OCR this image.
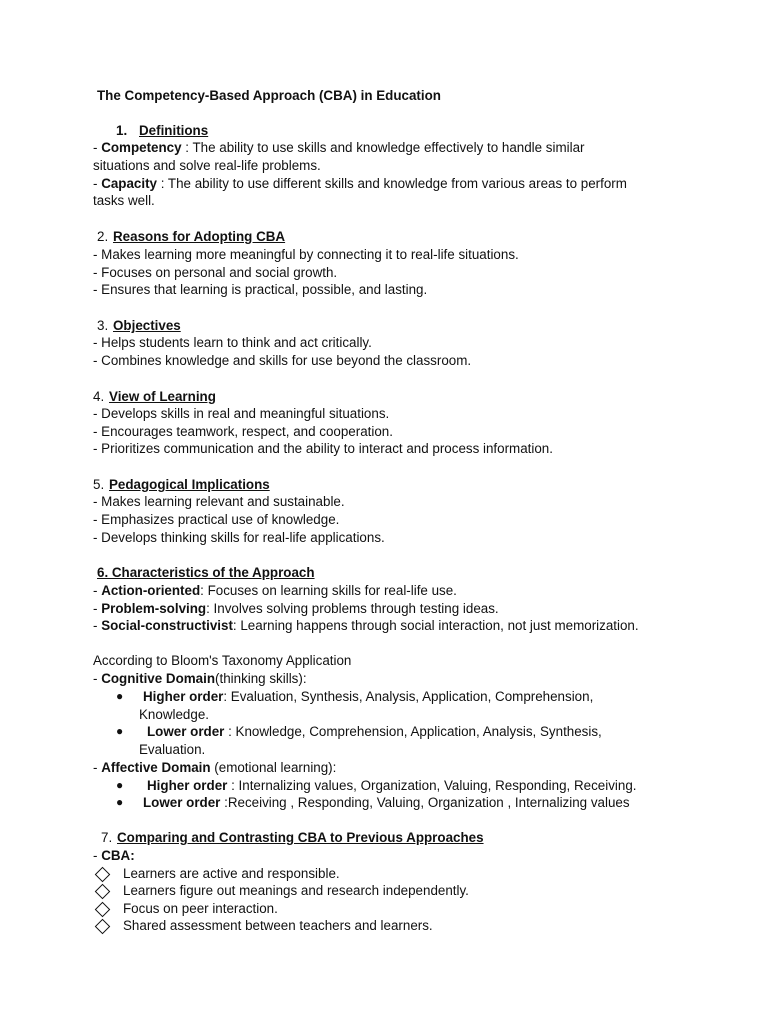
The Competency-Based Approach (CBA) in Education
1. Definitions
- Competency : The ability to use skills and knowledge effectively to handle similar
situations and solve real-life problems.
- Capacity : The ability to use different skills and knowledge from various areas to perform
tasks well.
2. Reasons for Adopting CBA
- Makes learning more meaningful by connecting it to real-life situations.
- Focuses on personal and social growth.
- Ensures that learning is practical, possible, and lasting.
3. Objectives
- Helps students learn to think and act critically.
- Combines knowledge and skills for use beyond the classroom.
4. View of Learning
- Develops skills in real and meaningful situations.
- Encourages teamwork, respect, and cooperation.
- Prioritizes communication and the ability to interact and process information.
5. Pedagogical Implications
- Makes learning relevant and sustainable.
- Emphasizes practical use of knowledge.
- Develops thinking skills for real-life applications.
6. Characteristics of the Approach
- Action-oriented: Focuses on learning skills for real-life use.
- Problem-solving: Involves solving problems through testing ideas.
- Social-constructivist: Learning happens through social interaction, not just memorization.
According to Bloom's Taxonomy Application
- Cognitive Domain(thinking skills):
● Higher order: Evaluation, Synthesis, Analysis, Application, Comprehension,
Knowledge.
● Lower order : Knowledge, Comprehension, Application, Analysis, Synthesis,
Evaluation.
- Affective Domain (emotional learning):
● Higher order : Internalizing values, Organization, Valuing, Responding, Receiving.
● Lower order :Receiving , Responding, Valuing, Organization , Internalizing values
7. Comparing and Contrasting CBA to Previous Approaches
- CBA:
Learners are active and responsible.
Learners figure out meanings and research independently.
Focus on peer interaction.
Shared assessment between teachers and learners.
